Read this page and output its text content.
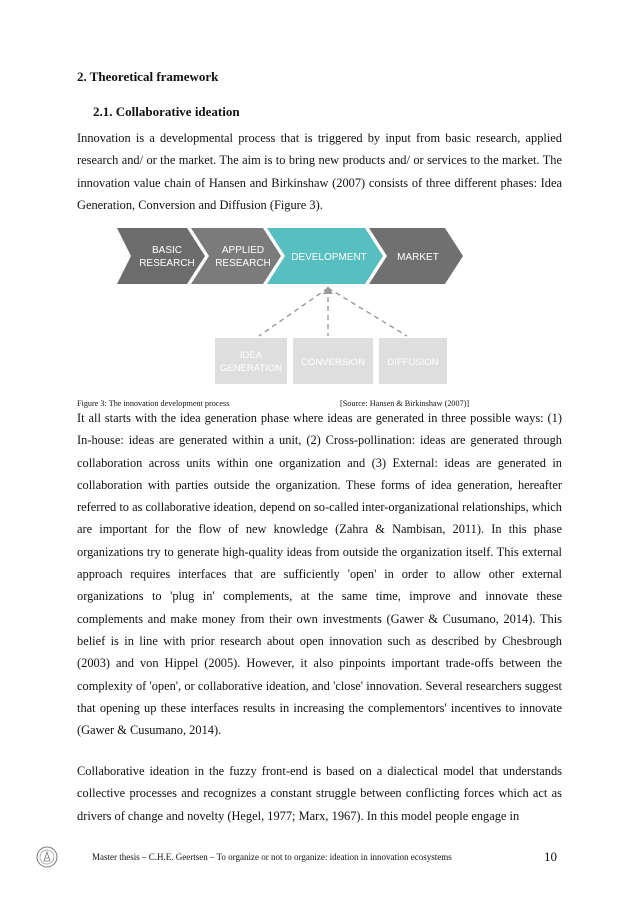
2. Theoretical framework
2.1. Collaborative ideation

Innovation is a developmental process that is triggered by input from basic research, applied research and/ or the market. The aim is to bring new products and/ or services to the market. The innovation value chain of Hansen and Birkinshaw (2007) consists of three different phases: Idea Generation, Conversion and Diffusion (Figure 3).

BASIC
RESEARCH
APPLIED
RESEARCH
DEVELOPMENT	MARKET
IDEA
GENERATION
CONVERSION DIFFUSION
Figure 3: The innovation development process	[Source: Hansen & Birkinshaw (2007)]

It all starts with the idea generation phase where ideas are generated in three possible ways: (1) In-house: ideas are generated within a unit, (2) Cross-pollination: ideas are generated through collaboration across units within one organization and (3) External: ideas are generated in collaboration with parties outside the organization. These forms of idea generation, hereafter referred to as collaborative ideation, depend on so-called inter-organizational relationships, which are important for the flow of new knowledge (Zahra & Nambisan, 2011). In this phase organizations try to generate high-quality ideas from outside the organization itself. This external approach requires interfaces that are sufficiently 'open' in order to allow other external organizations to 'plug in' complements, at the same time, improve and innovate these complements and make money from their own investments (Gawer & Cusumano, 2014). This belief is in line with prior research about open innovation such as described by Chesbrough (2003) and von Hippel (2005). However, it also pinpoints important trade-offs between the complexity of 'open', or collaborative ideation, and 'close' innovation. Several researchers suggest that opening up these interfaces results in increasing the complementors' incentives to innovate (Gawer & Cusumano, 2014).

Collaborative ideation in the fuzzy front-end is based on a dialectical model that understands collective processes and recognizes a constant struggle between conflicting forces which act as drivers of change and novelty (Hegel, 1977; Marx, 1967). In this model people engage in

Master thesis – C.H.E. Geertsen – To organize or not to organize: ideation in innovation ecosystems	10
